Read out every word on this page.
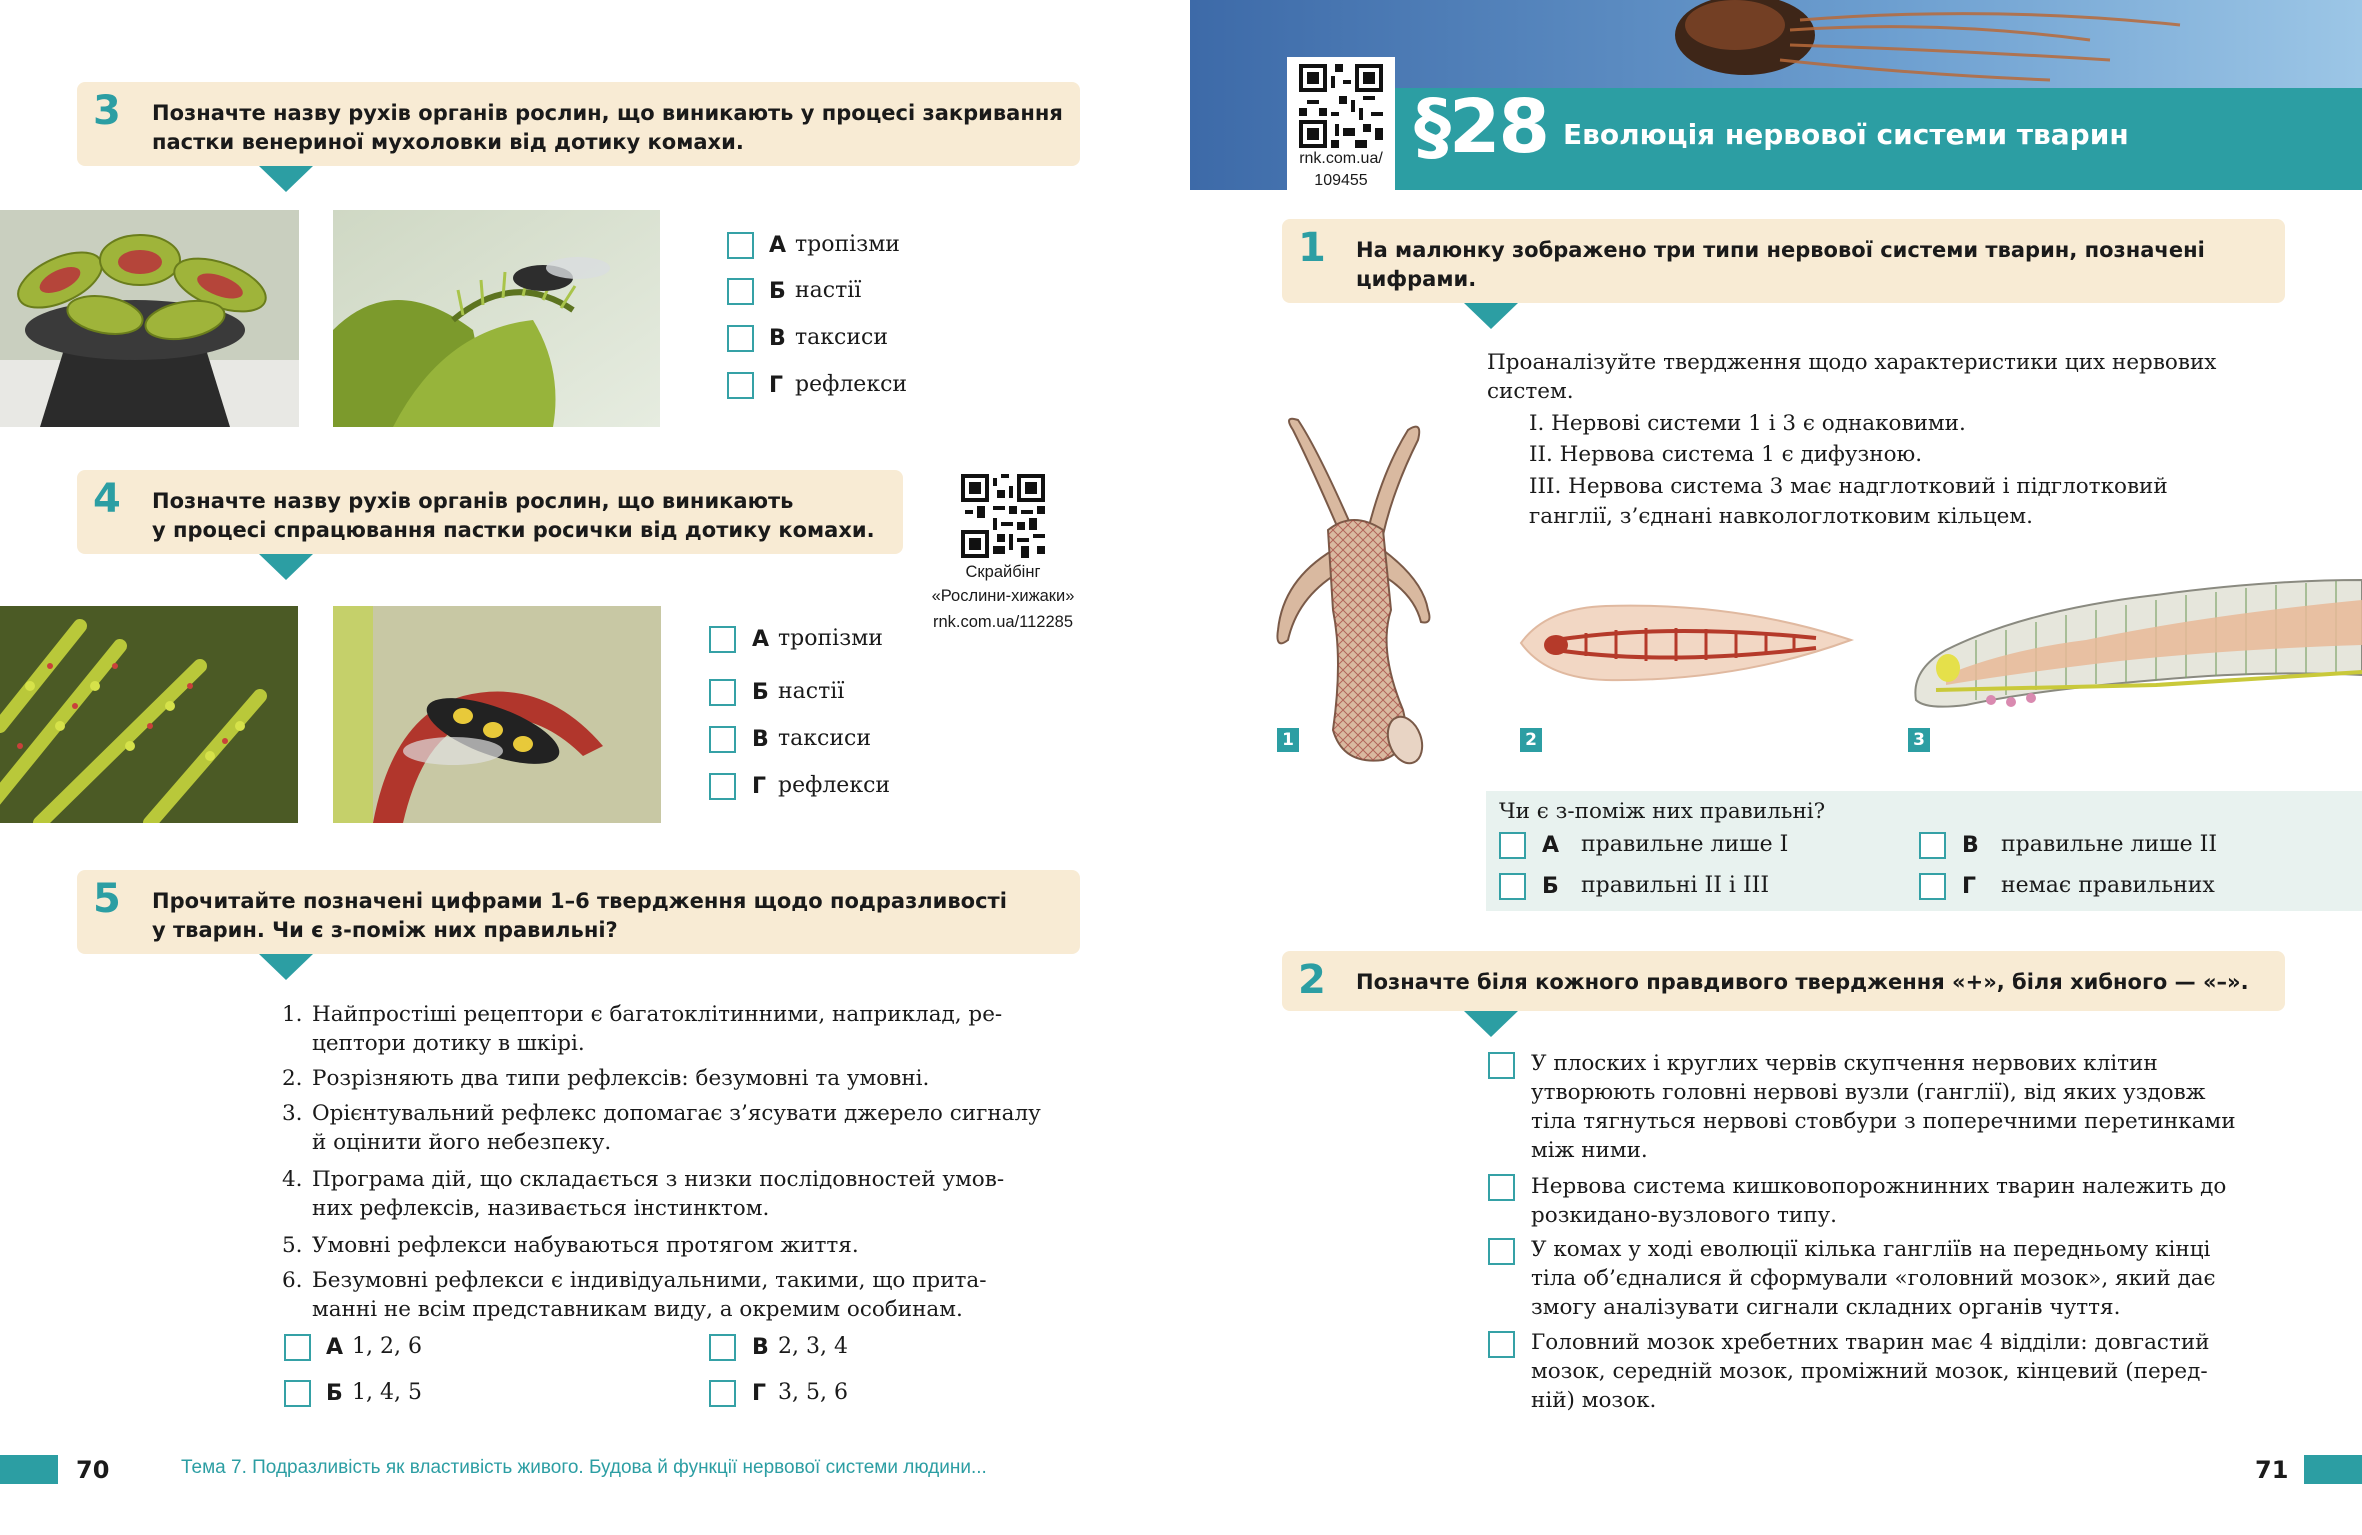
3 Позначте назву рухів органів рослин, що виникають у процесі закривання
пастки венериної мухоловки від дотику комахи.
А тропізми
Б настії
В таксиси
Г рефлекси
4 Позначте назву рухів органів рослин, що виникають
у процесі спрацювання пастки росички від дотику комахи.
Скрайбінг
«Рослини-хижаки»
rnk.com.ua/112285
А тропізми
Б настії
В таксиси
Г рефлекси
5 Прочитайте позначені цифрами 1–6 твердження щодо подразливості
у тварин. Чи є з-поміж них правильні?
1. Найпростіші рецептори є багатоклітинними, наприклад, ре-
цептори дотику в шкірі.
2. Розрізняють два типи рефлексів: безумовні та умовні.
3. Орієнтувальний рефлекс допомагає з’ясувати джерело сигналу
й оцінити його небезпеку.
4. Програма дій, що складається з низки послідовностей умов-
них рефлексів, називається інстинктом.
5. Умовні рефлекси набуваються протягом життя.
6. Безумовні рефлекси є індивідуальними, такими, що прита-
манні не всім представникам виду, а окремим особинам.
А 1, 2, 6	В 2, 3, 4
Б 1, 4, 5	Г 3, 5, 6
70	Тема 7. Подразливість як властивість живого. Будова й функції нервової системи людини...
rnk.com.ua/
109455
§28 Еволюція нервової системи тварин
1 На малюнку зображено три типи нервової системи тварин, позначені
цифрами.
Проаналізуйте твердження щодо характеристики цих нервових
систем.
I. Нервові системи 1 і 3 є однаковими.
II. Нервова система 1 є дифузною.
III. Нервова система 3 має надглотковий і підглотковий
ганглії, з’єднані навкологлотковим кільцем.
1	2	3
Чи є з-поміж них правильні?
А правильне лише I	В правильне лише II
Б правильні II і III	Г немає правильних
2 Позначте біля кожного правдивого твердження «+», біля хибного — «–».
У плоских і круглих червів скупчення нервових клітин
утворюють головні нервові вузли (ганглії), від яких уздовж
тіла тягнуться нервові стовбури з поперечними перетинками
між ними.
Нервова система кишковопорожнинних тварин належить до
розкидано-вузлового типу.
У комах у ході еволюції кілька гангліїв на передньому кінці
тіла об’єдналися й сформували «головний мозок», який дає
змогу аналізувати сигнали складних органів чуття.
Головний мозок хребетних тварин має 4 відділи: довгастий
мозок, середній мозок, проміжний мозок, кінцевий (перед-
ній) мозок.
71
